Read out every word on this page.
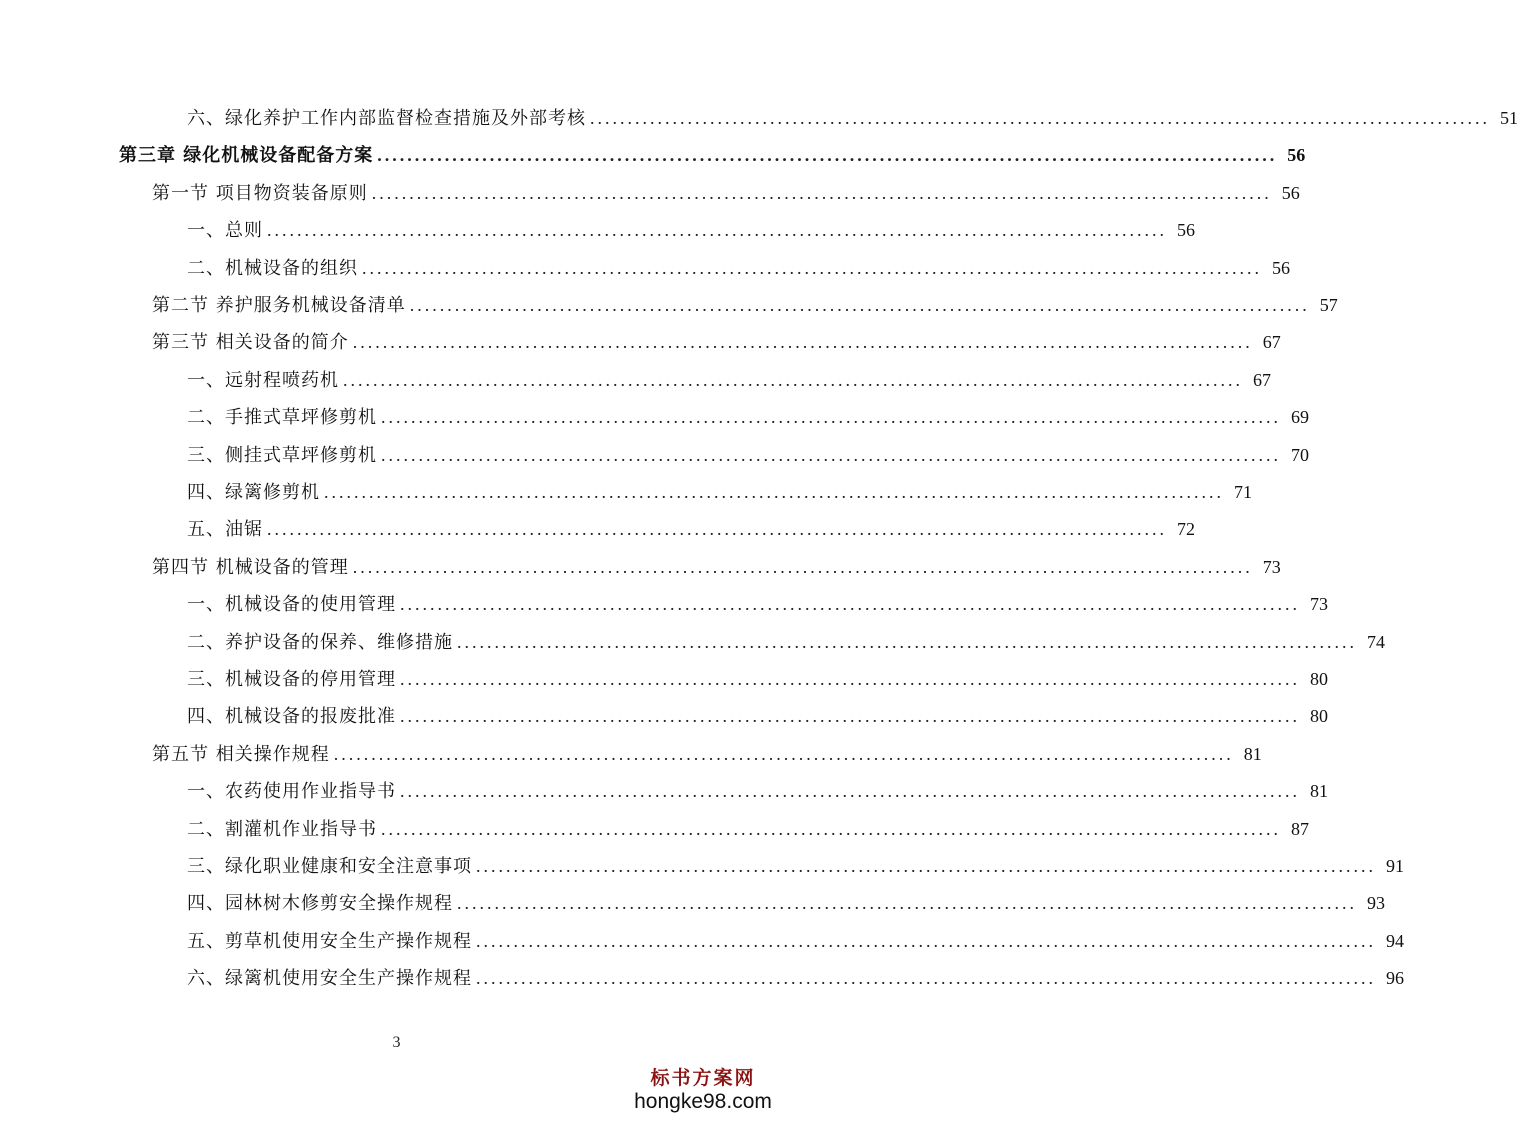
六、绿化养护工作内部监督检查措施及外部考核 ........................................................................................................................ 51
第三章 绿化机械设备配备方案 ........................................................................................................................ 56
第一节 项目物资装备原则 ........................................................................................................................ 56
一、总则 ........................................................................................................................ 56
二、机械设备的组织 ........................................................................................................................ 56
第二节 养护服务机械设备清单 ........................................................................................................................ 57
第三节 相关设备的简介 ........................................................................................................................ 67
一、远射程喷药机 ........................................................................................................................ 67
二、手推式草坪修剪机 ........................................................................................................................ 69
三、侧挂式草坪修剪机 ........................................................................................................................ 70
四、绿篱修剪机 ........................................................................................................................ 71
五、油锯 ........................................................................................................................ 72
第四节 机械设备的管理 ........................................................................................................................ 73
一、机械设备的使用管理 ........................................................................................................................ 73
二、养护设备的保养、维修措施 ........................................................................................................................ 74
三、机械设备的停用管理 ........................................................................................................................ 80
四、机械设备的报废批准 ........................................................................................................................ 80
第五节 相关操作规程 ........................................................................................................................ 81
一、农药使用作业指导书 ........................................................................................................................ 81
二、割灌机作业指导书 ........................................................................................................................ 87
三、绿化职业健康和安全注意事项 ........................................................................................................................ 91
四、园林树木修剪安全操作规程 ........................................................................................................................ 93
五、剪草机使用安全生产操作规程 ........................................................................................................................ 94
六、绿篱机使用安全生产操作规程 ........................................................................................................................ 96
3
标书方案网
hongke98.com
